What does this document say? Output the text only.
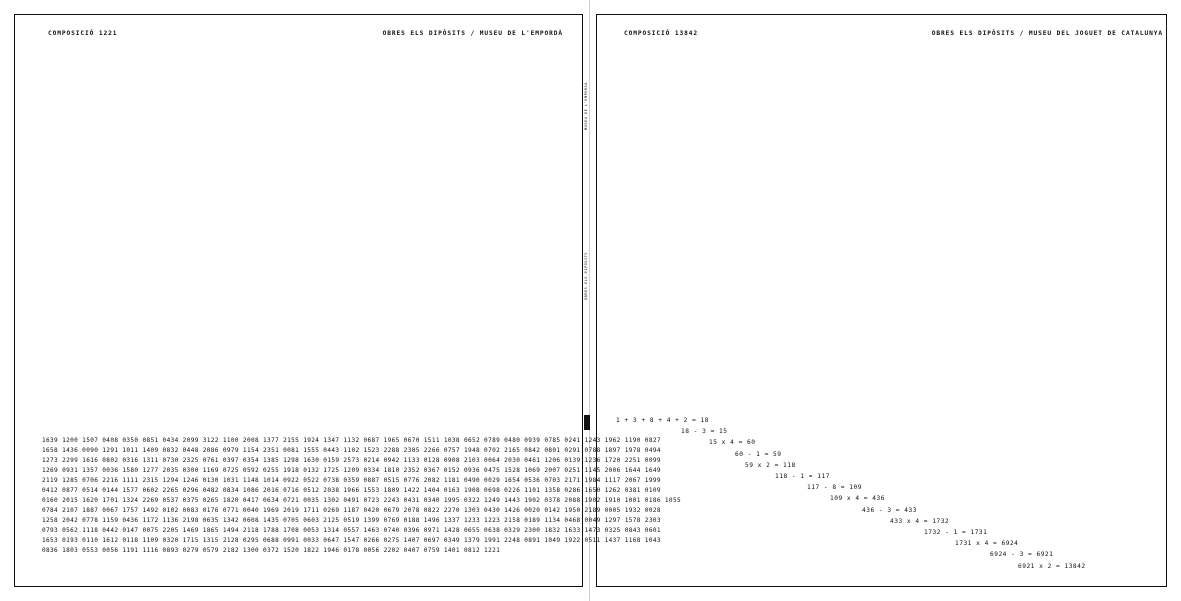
COMPOSICIÓ 1221	OBRES ELS DIPÒSITS / MUSEU DE L'EMPORDÀ
1639 1200 1507 0408 0350 0851 0434 2099 3122 1100 2008 1377 2155 1924 1347 1132 0687 1965 0670 1511 1038 0652 0789 0480 0939 0785 0241 1243 1962 1190 0827
1658 1436 0090 1291 1011 1409 0832 0448 2086 0979 1154 2351 0081 1555 0443 1102 1523 2288 2305 2266 0757 1948 0702 2165 0842 0801 0291 0788 1897 1978 0494
1273 2299 1616 0802 0316 1311 0730 2325 0761 0397 0354 1385 1298 1630 0159 2573 0214 0942 1133 0128 0908 2103 0064 2030 0461 1206 0139 1236 1720 2251 0099
1269 0931 1357 0036 1580 1277 2035 0300 1169 0725 0592 0255 1918 0132 1725 1209 0334 1810 2352 0367 0152 0936 0475 1528 1069 2007 0251 1145 2006 1644 1649
2119 1285 0706 2216 1111 2315 1294 1246 0130 1031 1148 1014 0922 0522 0738 0359 0887 0515 0776 2082 1181 0490 0029 1654 0536 0703 2171 1984 1117 2067 1999
0412 0877 0514 0144 1577 0602 2265 0296 0482 0834 1086 2016 0716 0512 2038 1966 1553 1809 1422 1404 0163 1908 0698 0226 1101 1358 0286 1650 1262 0381 0109
0160 2015 1620 1701 1324 2269 0537 0375 0265 1820 0417 0634 0721 0035 1302 0491 0723 2243 0431 0340 1995 0322 1249 1443 1902 0378 2088 1902 1910 1001 0186 1055
0784 2107 1887 0067 1757 1492 0102 0083 0176 0771 0040 1969 2019 1711 0269 1187 0420 0679 2078 0822 2270 1303 0430 1426 0020 0142 1950 2189 0005 1932 0028
1258 2042 0778 1159 0436 1172 1136 2198 0635 1342 0608 1435 0705 0603 2125 0519 1399 0769 0188 1496 1337 1233 1223 2158 0189 1134 0468 0049 1297 1578 2303
0793 0562 1118 0442 0147 0075 2205 1469 1865 1494 2118 1788 1708 0053 1314 0557 1463 0740 0396 0971 1428 0655 0638 0329 2300 1832 1633 1473 0325 0843 0601
1653 0193 0110 1612 0118 1109 0320 1715 1315 2128 0295 0688 0991 0033 0647 1547 0266 0275 1407 0697 0349 1379 1991 2248 0891 1049 1922 0511 1437 1168 1043
0836 1803 0553 0056 1191 1116 0893 0279 0579 2182 1300 0372 1520 1822 1946 0178 0056 2202 0407 0759 1401 0812 1221
COMPOSICIÓ 13842	OBRES ELS DIPÒSITS / MUSEU DEL JOGUET DE CATALUNYA
1 + 3 + 8 + 4 + 2 = 18
18 - 3 = 15
15 x 4 = 60
60 - 1 = 59
59 x 2 = 118
118 - 1 = 117
117 - 8 = 109
109 x 4 = 436
436 - 3 = 433
433 x 4 = 1732
1732 - 1 = 1731
1731 x 4 = 6924
6924 - 3 = 6921
6921 x 2 = 13842
MUSEU DE L'EMPORDÀ
OBRES ELS DIPÒSITS
